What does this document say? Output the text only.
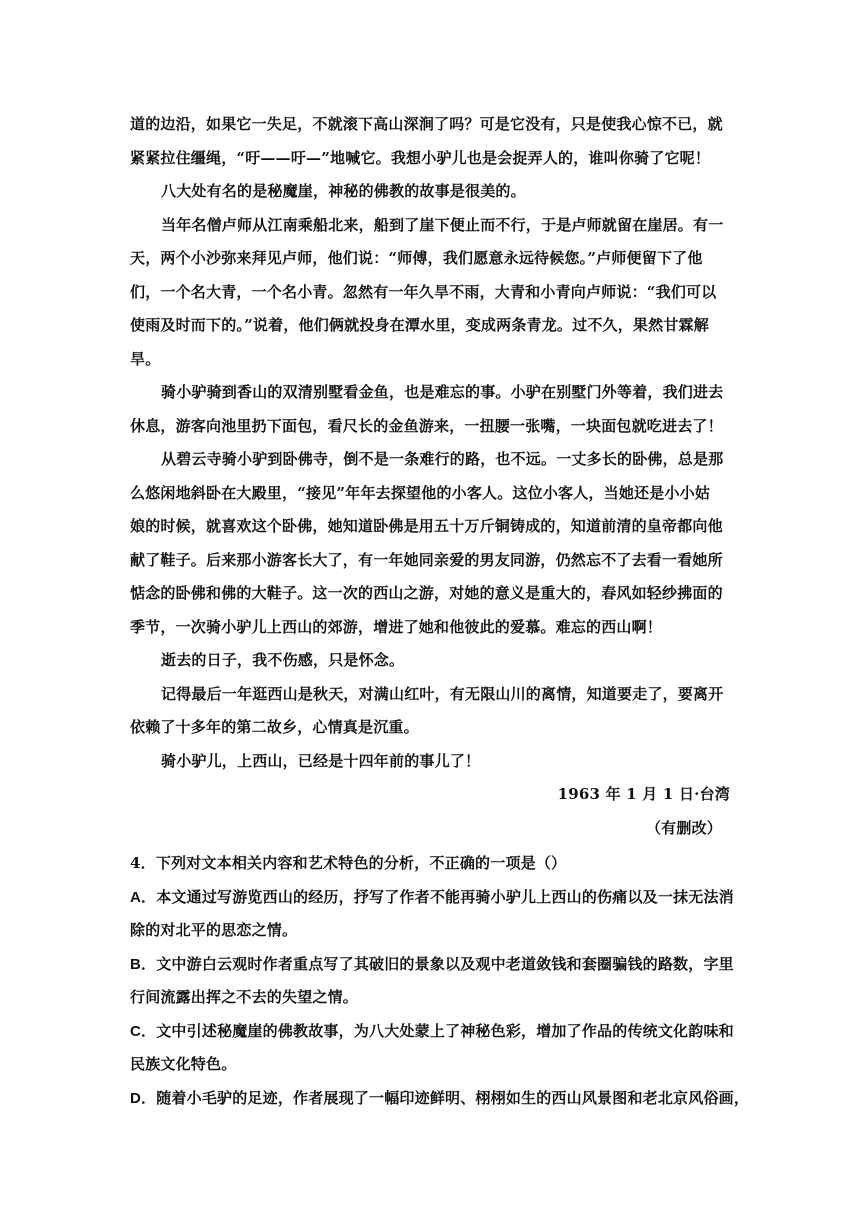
道的边沿，如果它一失足，不就滚下高山深涧了吗？可是它没有，只是使我心惊不已，就
紧紧拉住缰绳，“吁——吁—”地喊它。我想小驴儿也是会捉弄人的，谁叫你骑了它呢！
八大处有名的是秘魔崖，神秘的佛教的故事是很美的。
当年名僧卢师从江南乘船北来，船到了崖下便止而不行，于是卢师就留在崖居。有一
天，两个小沙弥来拜见卢师，他们说：“师傅，我们愿意永远待候您。”卢师便留下了他
们，一个名大青，一个名小青。忽然有一年久旱不雨，大青和小青向卢师说：“我们可以
使雨及时而下的。”说着，他们俩就投身在潭水里，变成两条青龙。过不久，果然甘霖解
旱。
骑小驴骑到香山的双清别墅看金鱼，也是难忘的事。小驴在别墅门外等着，我们进去
休息，游客向池里扔下面包，看尺长的金鱼游来，一扭腰一张嘴，一块面包就吃进去了！
从碧云寺骑小驴到卧佛寺，倒不是一条难行的路，也不远。一丈多长的卧佛，总是那
么悠闲地斜卧在大殿里，“接见”年年去探望他的小客人。这位小客人，当她还是小小姑
娘的时候，就喜欢这个卧佛，她知道卧佛是用五十万斤铜铸成的，知道前清的皇帝都向他
献了鞋子。后来那小游客长大了，有一年她同亲爱的男友同游，仍然忘不了去看一看她所
惦念的卧佛和佛的大鞋子。这一次的西山之游，对她的意义是重大的，春风如轻纱拂面的
季节，一次骑小驴儿上西山的郊游，增进了她和他彼此的爱慕。难忘的西山啊！
逝去的日子，我不伤感，只是怀念。
记得最后一年逛西山是秋天，对满山红叶，有无限山川的离情，知道要走了，要离开
依赖了十多年的第二故乡，心情真是沉重。
骑小驴儿，上西山，已经是十四年前的事儿了！
1963 年 1 月 1 日·台湾
（有删改）
4．下列对文本相关内容和艺术特色的分析，不正确的一项是（）
A．本文通过写游览西山的经历，抒写了作者不能再骑小驴儿上西山的伤痛以及一抹无法消
除的对北平的思恋之情。
B．文中游白云观时作者重点写了其破旧的景象以及观中老道敛钱和套圈骗钱的路数，字里
行间流露出挥之不去的失望之情。
C．文中引述秘魔崖的佛教故事，为八大处蒙上了神秘色彩，增加了作品的传统文化韵味和
民族文化特色。
D．随着小毛驴的足迹，作者展现了一幅印迹鲜明、栩栩如生的西山风景图和老北京风俗画，
